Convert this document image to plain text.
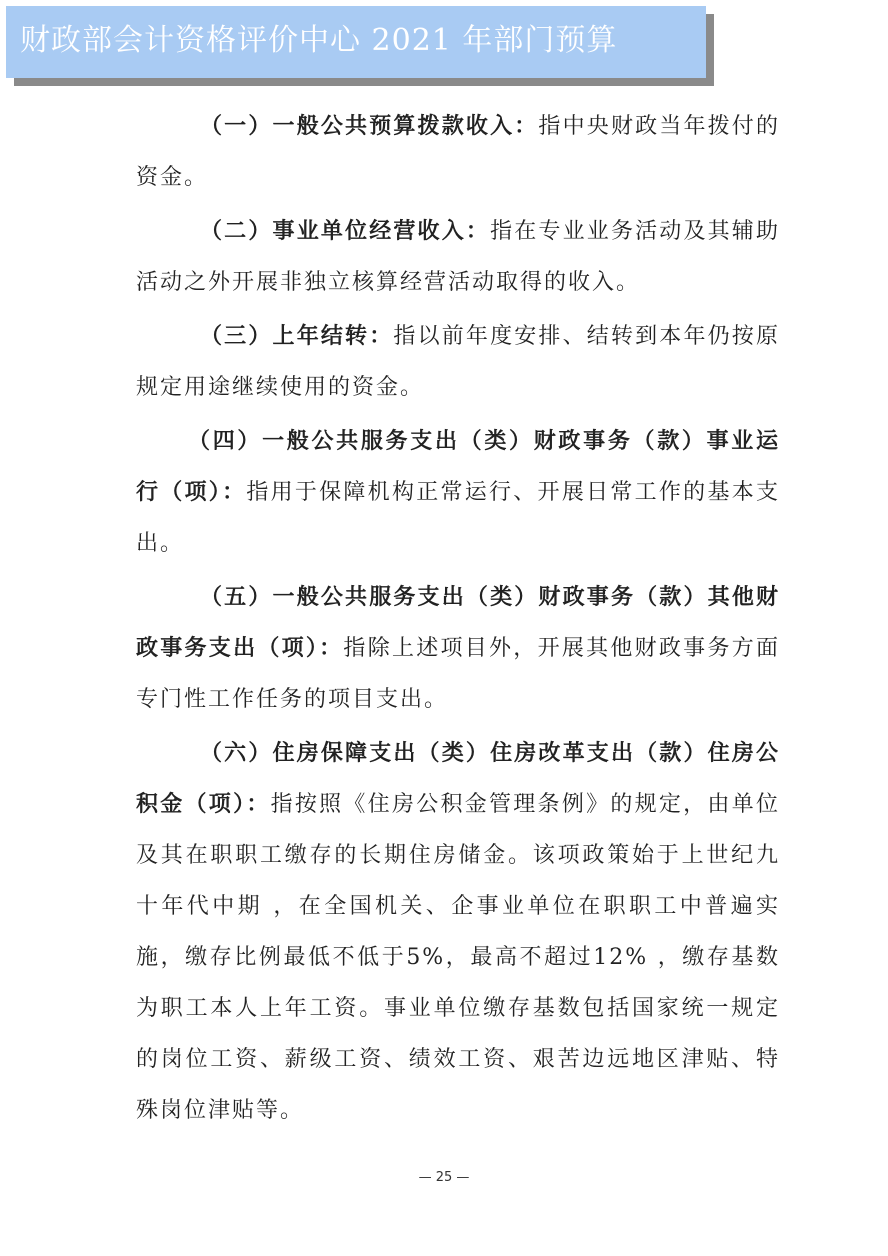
财政部会计资格评价中心 2021 年部门预算

（一）一般公共预算拨款收入：指中央财政当年拨付的资金。

（二）事业单位经营收入：指在专业业务活动及其辅助活动之外开展非独立核算经营活动取得的收入。

（三）上年结转：指以前年度安排、结转到本年仍按原规定用途继续使用的资金。

（四）一般公共服务支出（类）财政事务（款）事业运行（项）：指用于保障机构正常运行、开展日常工作的基本支出。

（五）一般公共服务支出（类）财政事务（款）其他财政事务支出（项）：指除上述项目外，开展其他财政事务方面专门性工作任务的项目支出。

（六）住房保障支出（类）住房改革支出（款）住房公积金（项）：指按照《住房公积金管理条例》的规定，由单位及其在职职工缴存的长期住房储金。该项政策始于上世纪九十年代中期 ，在全国机关、企事业单位在职职工中普遍实施，缴存比例最低不低于5%，最高不超过12% ，缴存基数为职工本人上年工资。事业单位缴存基数包括国家统一规定的岗位工资、薪级工资、绩效工资、艰苦边远地区津贴、特殊岗位津贴等。

— 25 —
